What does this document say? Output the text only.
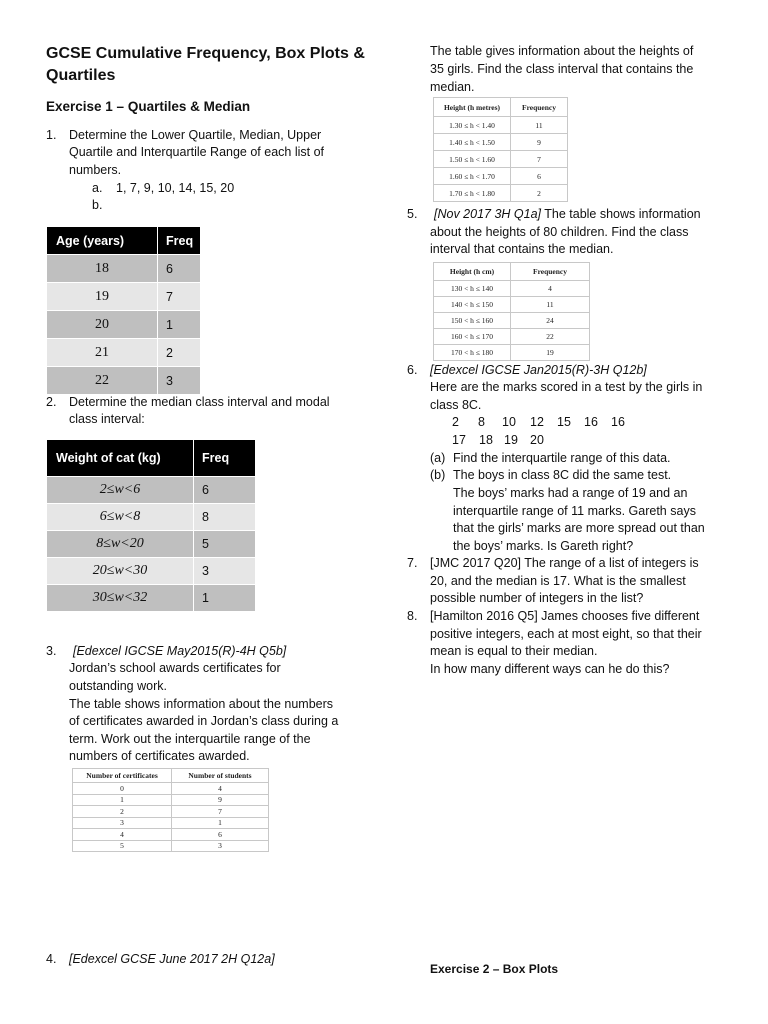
GCSE Cumulative Frequency, Box Plots &
Quartiles
Exercise 1 – Quartiles & Median
1. Determine the Lower Quartile, Median, Upper
Quartile and Interquartile Range of each list of
numbers.
a. 1, 7, 9, 10, 14, 15, 20
b.
Age (years)	Freq
18	6
19	7
20	1
21	2
22	3
2. Determine the median class interval and modal
class interval:
Weight of cat (kg)	Freq
2≤w<6	6
6≤w<8	8
8≤w<20	5
20≤w<30	3
30≤w<32	1
3. [Edexcel IGCSE May2015(R)-4H Q5b]
Jordan’s school awards certificates for
outstanding work.
The table shows information about the numbers
of certificates awarded in Jordan’s class during a
term. Work out the interquartile range of the
numbers of certificates awarded.
Number of certificates	Number of students
0	4
1	9
2	7
3	1
4	6
5	3
4. [Edexcel GCSE June 2017 2H Q12a]
The table gives information about the heights of
35 girls. Find the class interval that contains the
median.
Height (h metres)	Frequency
1.30 ≤ h < 1.40	11
1.40 ≤ h < 1.50	9
1.50 ≤ h < 1.60	7
1.60 ≤ h < 1.70	6
1.70 ≤ h < 1.80	2
5. [Nov 2017 3H Q1a] The table shows information
about the heights of 80 children. Find the class
interval that contains the median.
Height (h cm)	Frequency
130 < h ≤ 140	4
140 < h ≤ 150	11
150 < h ≤ 160	24
160 < h ≤ 170	22
170 < h ≤ 180	19
6. [Edexcel IGCSE Jan2015(R)-3H Q12b]
Here are the marks scored in a test by the girls in
class 8C.
2 8 10 12 15 16 16
17 18 19 20
(a) Find the interquartile range of this data.
(b) The boys in class 8C did the same test.
The boys’ marks had a range of 19 and an
interquartile range of 11 marks. Gareth says
that the girls’ marks are more spread out than
the boys’ marks. Is Gareth right?
7. [JMC 2017 Q20] The range of a list of integers is
20, and the median is 17. What is the smallest
possible number of integers in the list?
8. [Hamilton 2016 Q5] James chooses five different
positive integers, each at most eight, so that their
mean is equal to their median.
In how many different ways can he do this?
Exercise 2 – Box Plots
